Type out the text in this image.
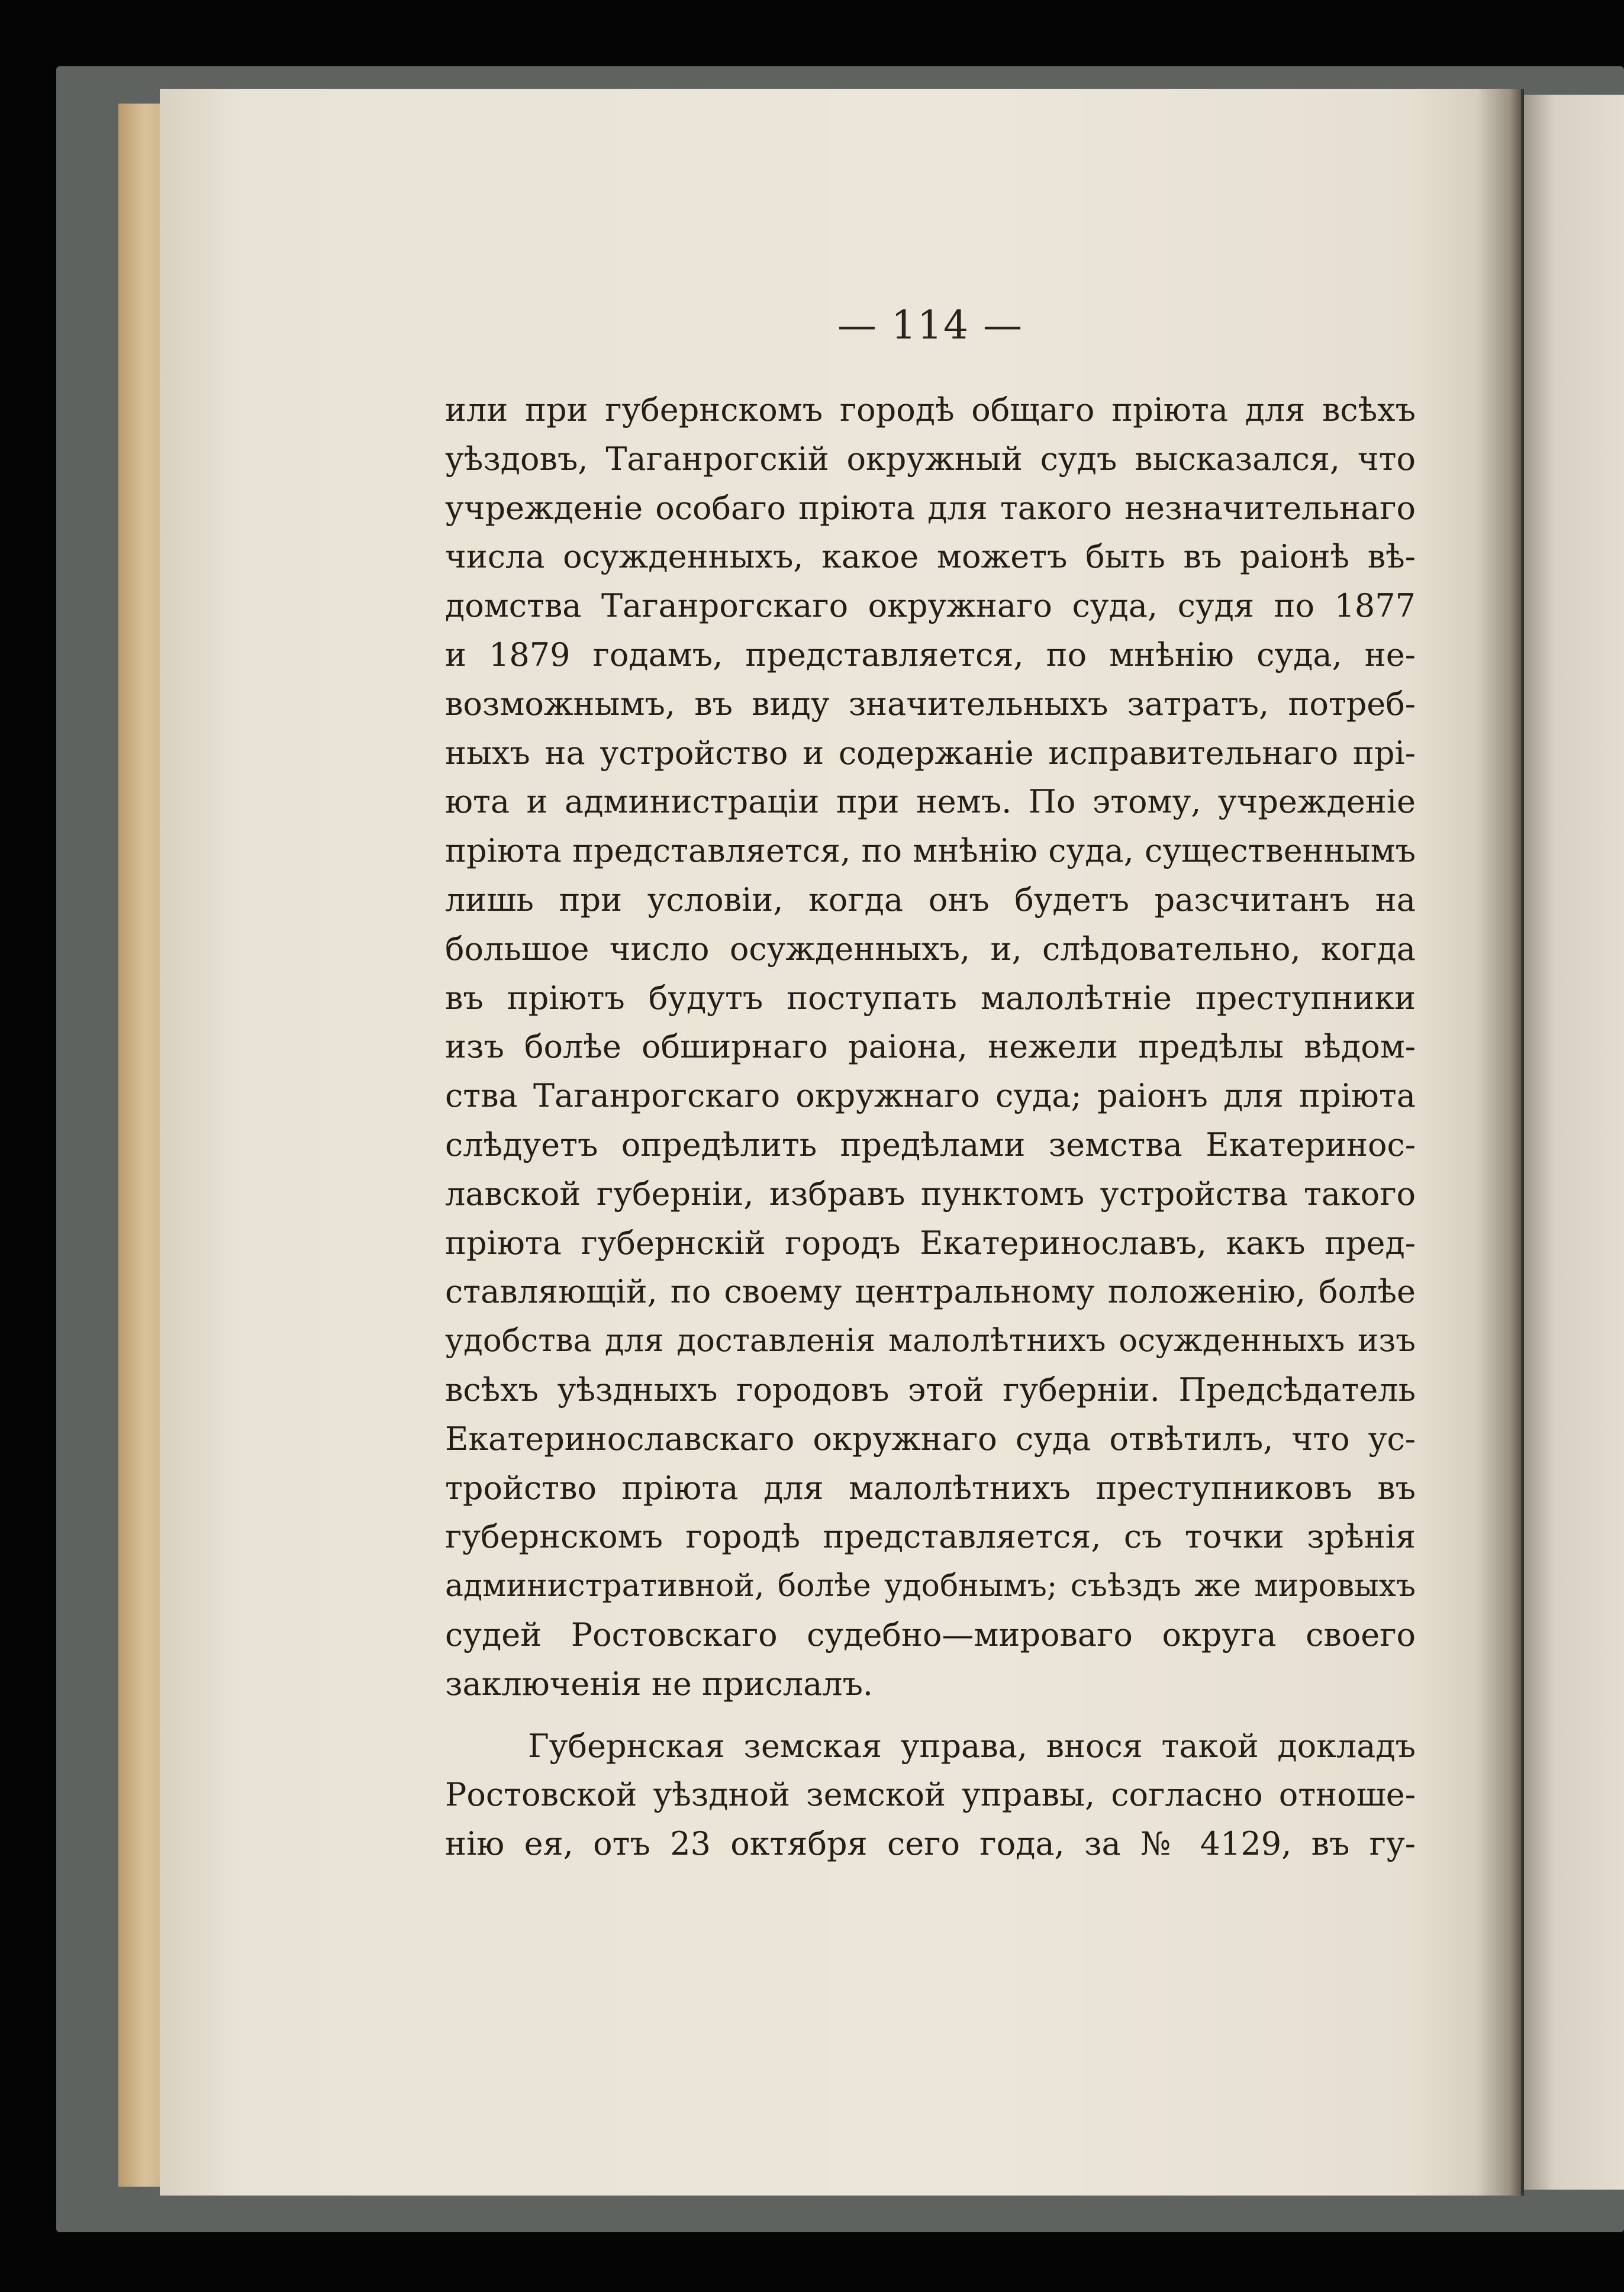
— 114 —
или при губернскомъ городѣ общаго прiюта для всѣхъ
уѣздовъ, Таганрогскiй окружный судъ высказался, что
учрежденiе особаго прiюта для такого незначительнаго
числа осужденныхъ, какое можетъ быть въ раiонѣ вѣ-
домства Таганрогскаго окружнаго суда, судя по 1877
и 1879 годамъ, представляется, по мнѣнiю суда, не-
возможнымъ, въ виду значительныхъ затратъ, потреб-
ныхъ на устройство и содержанiе исправительнаго прi-
юта и администрацiи при немъ. По этому, учрежденiе
прiюта представляется, по мнѣнiю суда, существеннымъ
лишь при условiи, когда онъ будетъ разсчитанъ на
большое число осужденныхъ, и, слѣдовательно, когда
въ прiютъ будутъ поступать малолѣтнiе преступники
изъ болѣе обширнаго раiона, нежели предѣлы вѣдом-
ства Таганрогскаго окружнаго суда; раiонъ для прiюта
слѣдуетъ опредѣлить предѣлами земства Екатеринос-
лавской губернiи, избравъ пунктомъ устройства такого
прiюта губернскiй городъ Екатеринославъ, какъ пред-
ставляющiй, по своему центральному положенiю, болѣе
удобства для доставленiя малолѣтнихъ осужденныхъ изъ
всѣхъ уѣздныхъ городовъ этой губернiи. Предсѣдатель
Екатеринославскаго окружнаго суда отвѣтилъ, что ус-
тройство прiюта для малолѣтнихъ преступниковъ въ
губернскомъ городѣ представляется, съ точки зрѣнiя
административной, болѣе удобнымъ; съѣздъ же мировыхъ
судей Ростовскаго судебно—мироваго округа своего
заключенiя не прислалъ.
Губернская земская управа, внося такой докладъ
Ростовской уѣздной земской управы, согласно отноше-
нiю ея, отъ 23 октября сего года, за № 4129, въ гу-
